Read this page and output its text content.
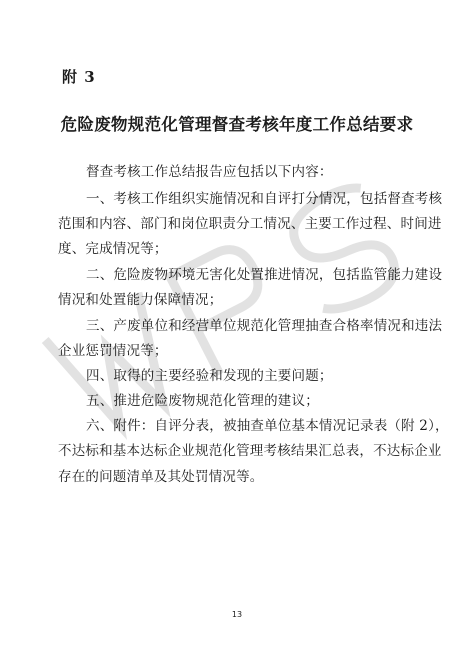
附 3
危险废物规范化管理督查考核年度工作总结要求
督查考核工作总结报告应包括以下内容：
一、考核工作组织实施情况和自评打分情况，包括督查考核
范围和内容、部门和岗位职责分工情况、主要工作过程、时间进
度、完成情况等；
二、危险废物环境无害化处置推进情况，包括监管能力建设
情况和处置能力保障情况；
三、产废单位和经营单位规范化管理抽查合格率情况和违法
企业惩罚情况等；
四、取得的主要经验和发现的主要问题；
五、推进危险废物规范化管理的建议；
六、附件：自评分表，被抽查单位基本情况记录表（附 2），
不达标和基本达标企业规范化管理考核结果汇总表，不达标企业
存在的问题清单及其处罚情况等。
13
